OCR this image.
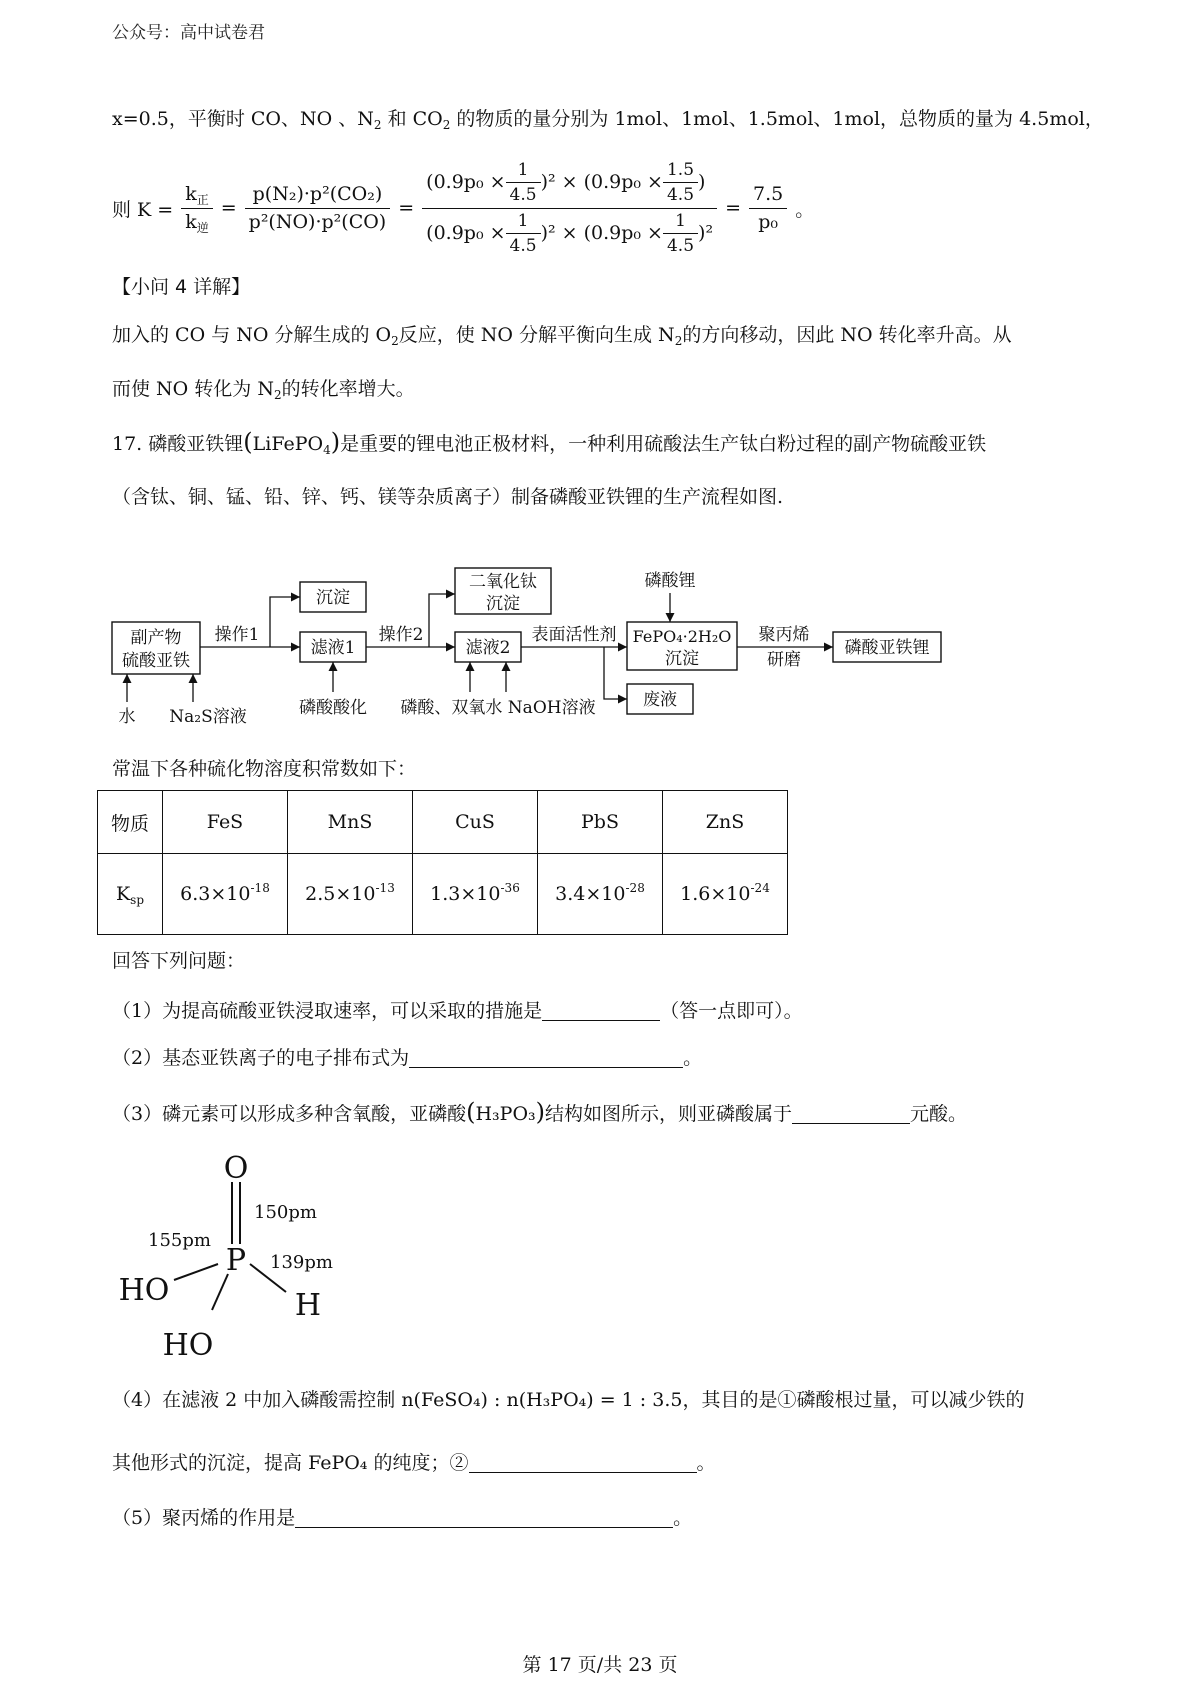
公众号：高中试卷君
x=0.5，平衡时 CO、NO 、$N_2$ 和 $CO_2$ 的物质的量分别为 1mol、1mol、1.5mol、1mol，总物质的量为 4.5mol，
则 $K = \frac{k_正}{k_逆} = \frac{\text{p(N₂)·p²(CO₂)}}{\text{p²(NO)·p²(CO)}} = \frac{(0.9p_0 \times \frac{1}{4.5} )^2 \times (0.9p_0 \times \frac{1.5}{4.5} )}{(0.9p_0 \times \frac{1}{4.5} )^2 \times (0.9p_0 \times \frac{1}{4.5} )^2} = \frac{7.5}{\text{p₀}}$ 。
【小问 4 详解】
加入的 CO 与 NO 分解生成的 $O_2$反应，使 NO 分解平衡向生成 $N_2$的方向移动，因此 NO 转化率升高。从
而使 NO 转化为 $N_2$的转化率增大。
17. 磷酸亚铁锂(LiFePO$_4$)是重要的锂电池正极材料，一种利用硫酸法生产钛白粉过程的副产物硫酸亚铁
（含钛、铜、锰、铅、锌、钙、镁等杂质离子）制备磷酸亚铁锂的生产流程如图.
副产物
硫酸亚铁
操作1
沉淀
滤液1
操作2
二氧化钛
沉淀
滤液2
表面活性剂
磷酸锂
FePO₄·2H₂O
沉淀
废液
聚丙烯
研磨
磷酸亚铁锂
水 Na₂S溶液	磷酸酸化 磷酸、双氧水 NaOH溶液
常温下各种硫化物溶度积常数如下：
物质	FeS	MnS	CuS	PbS	ZnS
$K_{sp}$	$6.3\times 10^{-18}$	$2.5\times 10^{-13}$	$1.3\times 10^{-36}$	$3.4\times 10^{-28}$	$1.6\times 10^{-24}$
回答下列问题：
（1）为提高硫酸亚铁浸取速率，可以采取的措施是	（答一点即可）。
（2）基态亚铁离子的电子排布式为	。
（3）磷元素可以形成多种含氧酸，亚磷酸(H₃PO₃)结构如图所示，则亚磷酸属于	元酸。
O
P
H
HO
HO
150pm
155pm
139pm
（4）在滤液 2 中加入磷酸需控制 n(FeSO₄) : n(H₃PO₄) = 1 : 3.5，其目的是①磷酸根过量，可以减少铁的
其他形式的沉淀，提高 FePO₄ 的纯度；②	。
（5）聚丙烯的作用是	。
第 17 页/共 23 页
